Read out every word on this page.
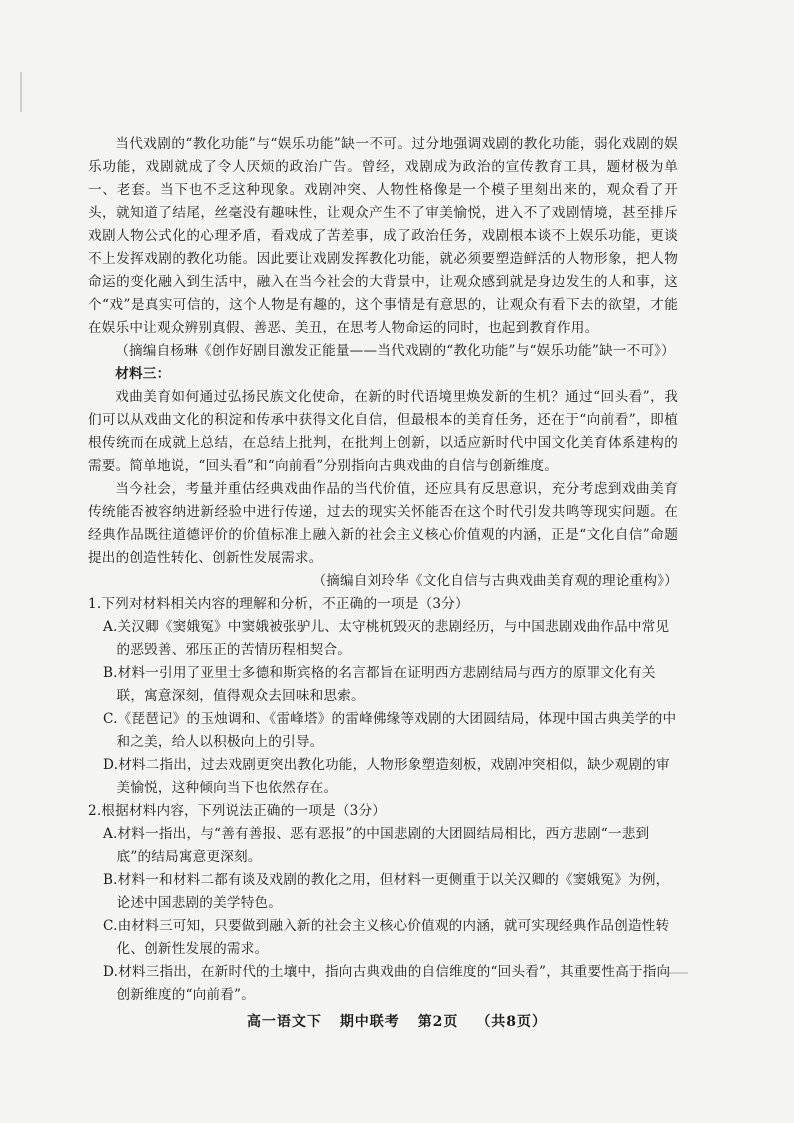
当代戏剧的“教化功能”与“娱乐功能”缺一不可。过分地强调戏剧的教化功能，弱化戏剧的娱乐功能，戏剧就成了令人厌烦的政治广告。曾经，戏剧成为政治的宣传教育工具，题材极为单一、老套。当下也不乏这种现象。戏剧冲突、人物性格像是一个模子里刻出来的，观众看了开头，就知道了结尾，丝毫没有趣味性，让观众产生不了审美愉悦，进入不了戏剧情境，甚至排斥戏剧人物公式化的心理矛盾，看戏成了苦差事，成了政治任务，戏剧根本谈不上娱乐功能，更谈不上发挥戏剧的教化功能。因此要让戏剧发挥教化功能，就必须要塑造鲜活的人物形象，把人物命运的变化融入到生活中，融入在当今社会的大背景中，让观众感到就是身边发生的人和事，这个“戏”是真实可信的，这个人物是有趣的，这个事情是有意思的，让观众有看下去的欲望，才能在娱乐中让观众辨别真假、善恶、美丑，在思考人物命运的同时，也起到教育作用。

（摘编自杨琳《创作好剧目激发正能量——当代戏剧的“教化功能”与“娱乐功能”缺一不可》）

材料三：

戏曲美育如何通过弘扬民族文化使命，在新的时代语境里焕发新的生机？通过“回头看”，我们可以从戏曲文化的积淀和传承中获得文化自信，但最根本的美育任务，还在于“向前看”，即植根传统而在成就上总结，在总结上批判，在批判上创新，以适应新时代中国文化美育体系建构的需要。简单地说，“回头看”和“向前看”分别指向古典戏曲的自信与创新维度。

当今社会，考量并重估经典戏曲作品的当代价值，还应具有反思意识，充分考虑到戏曲美育传统能否被容纳进新经验中进行传递，过去的现实关怀能否在这个时代引发共鸣等现实问题。在经典作品既往道德评价的价值标准上融入新的社会主义核心价值观的内涵，正是“文化自信”命题提出的创造性转化、创新性发展需求。

（摘编自刘玲华《文化自信与古典戏曲美育观的理论重构》）

1.下列对材料相关内容的理解和分析，不正确的一项是（3分）

A.关汉卿《窦娥冤》中窦娥被张驴儿、太守桃杌毁灭的悲剧经历，与中国悲剧戏曲作品中常见的恶毁善、邪压正的苦情历程相契合。

B.材料一引用了亚里士多德和斯宾格的名言都旨在证明西方悲剧结局与西方的原罪文化有关联，寓意深刻，值得观众去回味和思索。

C.《琵琶记》的玉烛调和、《雷峰塔》的雷峰佛缘等戏剧的大团圆结局，体现中国古典美学的中和之美，给人以积极向上的引导。

D.材料二指出，过去戏剧更突出教化功能，人物形象塑造刻板，戏剧冲突相似，缺少观剧的审美愉悦，这种倾向当下也依然存在。

2.根据材料内容，下列说法正确的一项是（3分）

A.材料一指出，与“善有善报、恶有恶报”的中国悲剧的大团圆结局相比，西方悲剧“一悲到底”的结局寓意更深刻。

B.材料一和材料二都有谈及戏剧的教化之用，但材料一更侧重于以关汉卿的《窦娥冤》为例，论述中国悲剧的美学特色。

C.由材料三可知，只要做到融入新的社会主义核心价值观的内涵，就可实现经典作品创造性转化、创新性发展的需求。

D.材料三指出，在新时代的土壤中，指向古典戏曲的自信维度的“回头看”，其重要性高于指向创新维度的“向前看”。

高一语文下 期中联考 第2页 （共8页）
